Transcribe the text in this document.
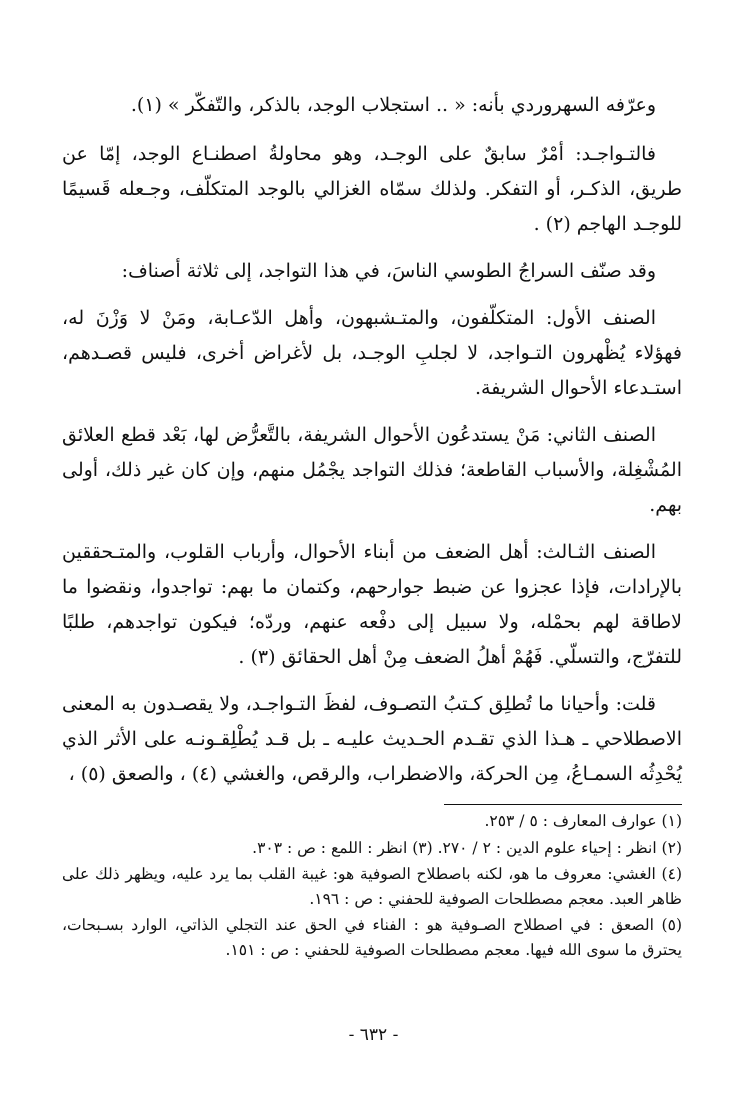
وعرّفه السهروردي بأنه: « .. استجلاب الوجد، بالذكر، والتّفكّر » (١).

فالتـواجـد: أمْرٌ سابقٌ على الوجـد، وهو محاولةُ اصطنـاع الوجد، إمّا عن طريق، الذكـر، أو التفكر. ولذلك سمّاه الغزالي بالوجد المتكلّف، وجـعله قَسيمًا للوجـد الهاجم (٢) .

وقد صنّف السراجُ الطوسي الناسَ، في هذا التواجد، إلى ثلاثة أصناف:

الصنف الأول: المتكلّفون، والمتـشبهون، وأهل الدّعـابة، ومَنْ لا وَزْنَ له، فهؤلاء يُظْهرون التـواجد، لا لجلبِ الوجـد، بل لأغراض أخرى، فليس قصـدهم، استـدعاء الأحوال الشريفة.

الصنف الثاني: مَنْ يستدعُون الأحوال الشريفة، بالتَّعرُّض لها، بَعْد قطع العلائق المُشْغِلة، والأسباب القاطعة؛ فذلك التواجد يجْمُل منهم، وإن كان غير ذلك، أولى بهم.

الصنف الثـالث: أهل الضعف من أبناء الأحوال، وأرباب القلوب، والمتـحققين بالإرادات، فإذا عجزوا عن ضبط جوارحهم، وكتمان ما بهم: تواجدوا، ونقضوا ما لاطاقة لهم بحمْله، ولا سبيل إلى دفْعه عنهم، وردّه؛ فيكون تواجدهم، طلبًا للتفرّج، والتسلّي. فَهُمْ أهلُ الضعف مِنْ أهل الحقائق (٣) .

قلت: وأحيانا ما تُطلِق كـتبُ التصـوف، لفظَ التـواجـد، ولا يقصـدون به المعنى الاصطلاحي ـ هـذا الذي تقـدم الحـديث عليـه ـ بل قـد يُطْلِقـونـه على الأثر الذي يُحْدِثُه السمـاعُ، مِن الحركة، والاضطراب، والرقص، والغشي (٤) ، والصعق (٥) ،

(١) عوارف المعارف : ٥ / ٢٥٣.

(٢) انظر : إحياء علوم الدين : ٢ / ٢٧٠. (٣) انظر : اللمع : ص : ٣٠٣.

(٤) الغشي: معروف ما هو، لكنه باصطلاح الصوفية هو: غيبة القلب بما يرد عليه، ويظهر ذلك على ظاهر العبد. معجم مصطلحات الصوفية للحفني : ص : ١٩٦.

(٥) الصعق : في اصطلاح الصـوفية هو : الفناء في الحق عند التجلي الذاتي، الوارد بسـبحات، يحترق ما سوى الله فيها. معجم مصطلحات الصوفية للحفني : ص : ١٥١.

- ٦٣٢ -
